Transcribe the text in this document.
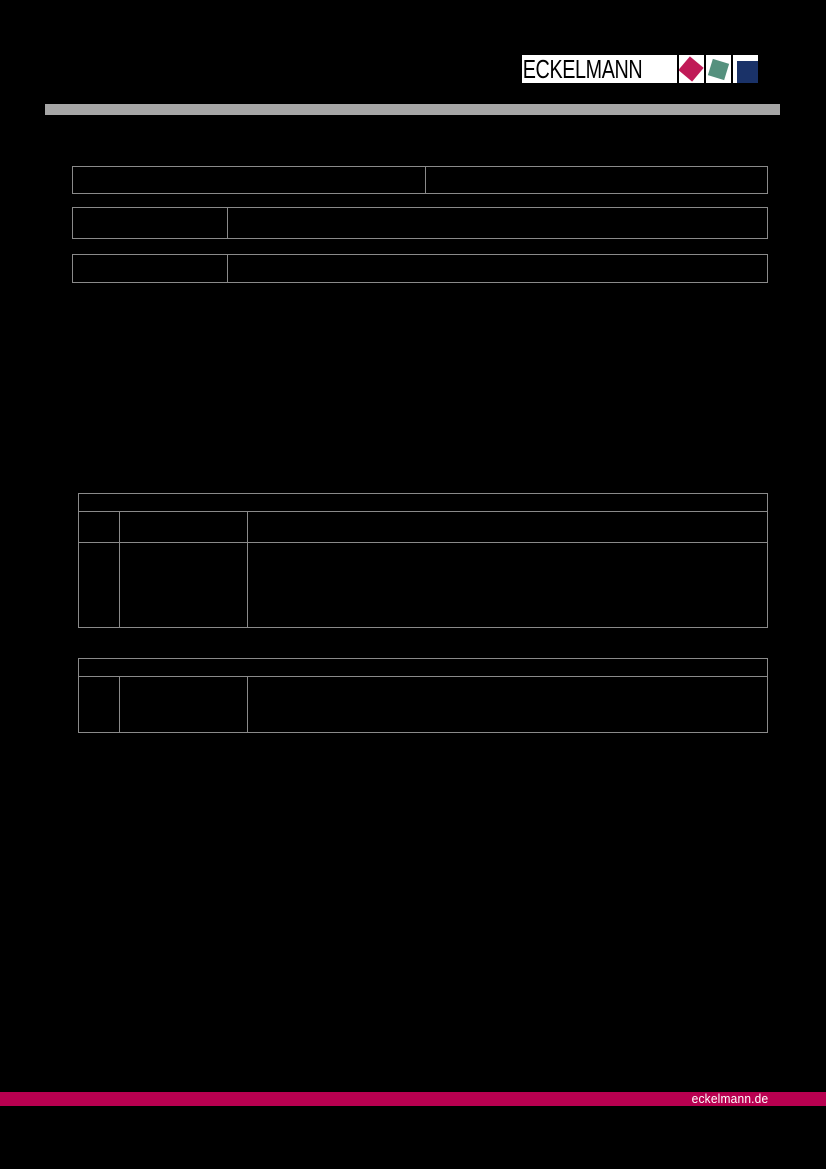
ECKELMANN
eckelmann.de
